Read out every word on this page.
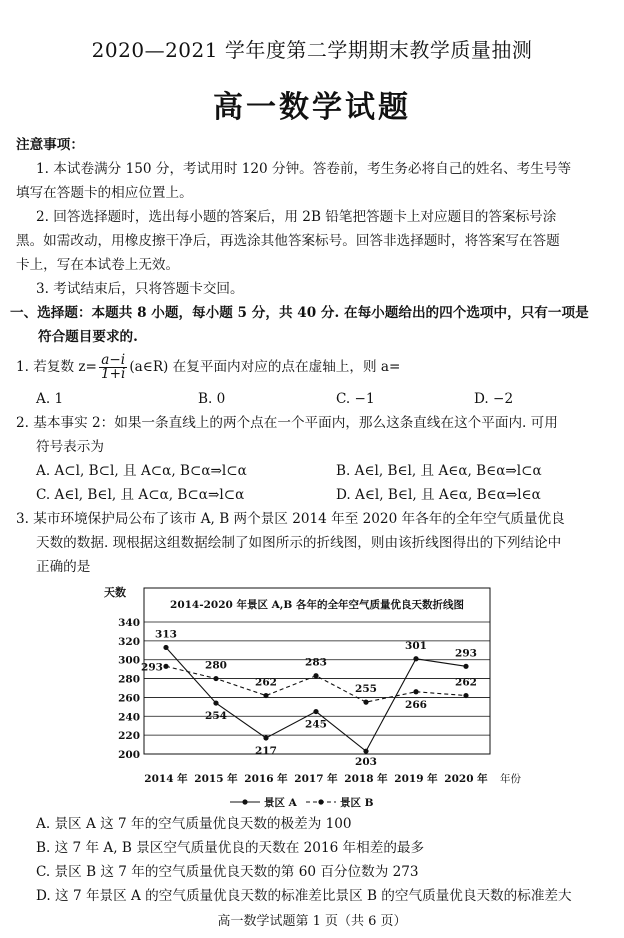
2020—2021 学年度第二学期期末教学质量抽测
高一数学试题
注意事项：
1. 本试卷满分 150 分，考试用时 120 分钟。答卷前，考生务必将自己的姓名、考生号等
填写在答题卡的相应位置上。
2. 回答选择题时，选出每小题的答案后，用 2B 铅笔把答题卡上对应题目的答案标号涂
黑。如需改动，用橡皮擦干净后，再选涂其他答案标号。回答非选择题时，将答案写在答题
卡上，写在本试卷上无效。
3. 考试结束后，只将答题卡交回。
一、选择题：本题共 8 小题，每小题 5 分，共 40 分. 在每小题给出的四个选项中，只有一项是
符合题目要求的.
1. 若复数 $z= \frac{a-i}{1+i}$ (a∈R) 在复平面内对应的点在虚轴上，则 a=
A. 1	B. 0	C. −1	D. −2
2. 基本事实 2：如果一条直线上的两个点在一个平面内，那么这条直线在这个平面内. 可用
符号表示为
A. A⊂l, B⊂l, 且 A⊂α, B⊂α⇒l⊂α	B. A∈l, B∈l, 且 A∈α, B∈α⇒l⊂α
C. A∈l, B∈l, 且 A⊂α, B⊂α⇒l⊂α	D. A∈l, B∈l, 且 A∈α, B∈α⇒l∈α
3. 某市环境保护局公布了该市 A, B 两个景区 2014 年至 2020 年各年的全年空气质量优良
天数的数据. 现根据这组数据绘制了如图所示的折线图，则由该折线图得出的下列结论中
正确的是
2014-2020 年景区 A,B 各年的全年空气质量优良天数折线图
天数
200
220
240
260
280
300
320
340
2014 年 2015 年 2016 年 2017 年 2018 年 2019 年 2020 年 年份
313
254
217
245
203
301
293
293	280
262
283
255
266
262
景区 A	景区 B
A. 景区 A 这 7 年的空气质量优良天数的极差为 100
B. 这 7 年 A, B 景区空气质量优良的天数在 2016 年相差的最多
C. 景区 B 这 7 年的空气质量优良天数的第 60 百分位数为 273
D. 这 7 年景区 A 的空气质量优良天数的标准差比景区 B 的空气质量优良天数的标准差大
高一数学试题第 1 页（共 6 页）
